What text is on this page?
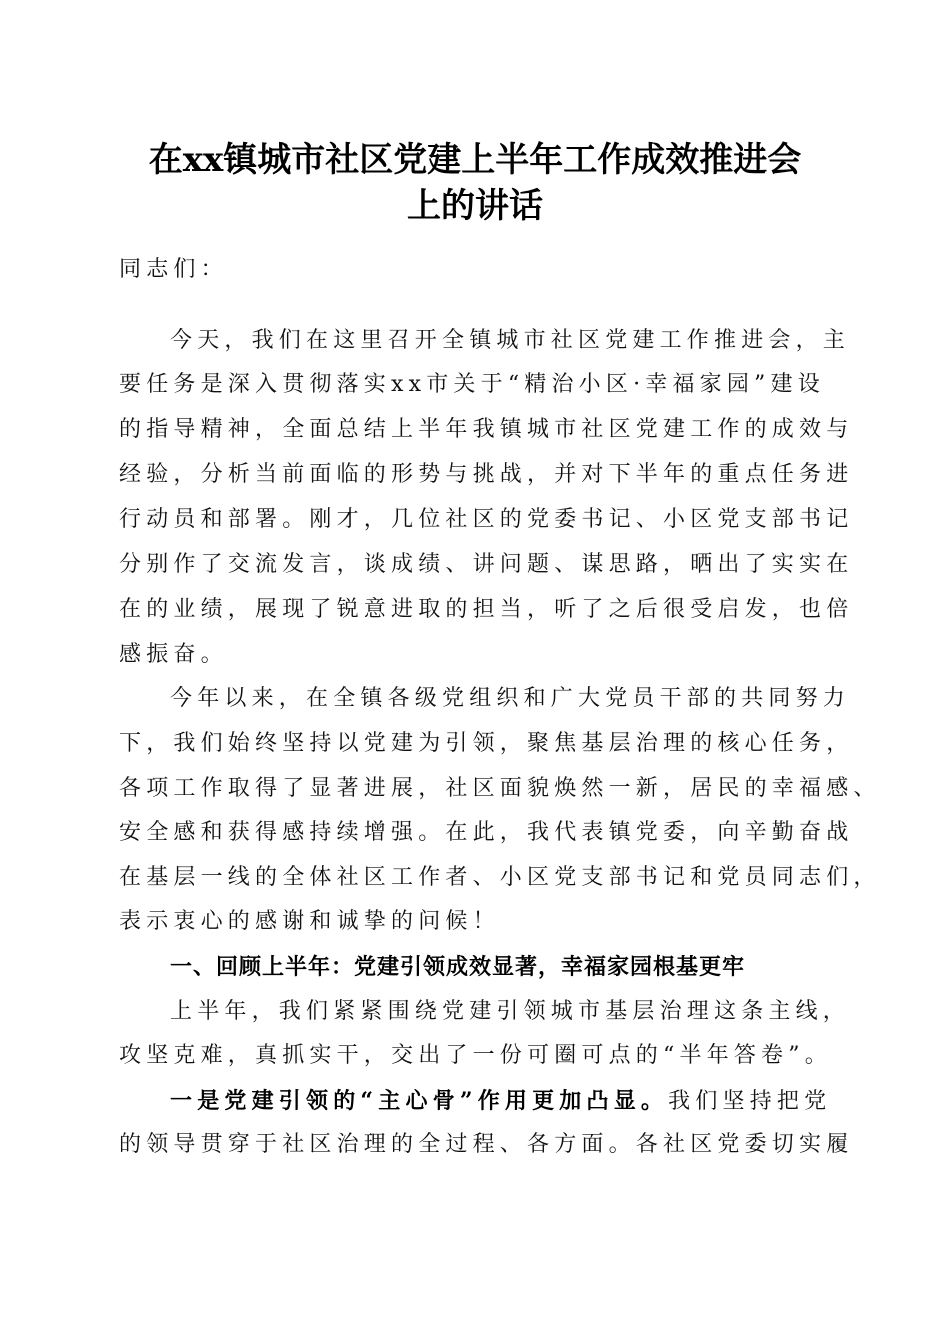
在xx镇城市社区党建上半年工作成效推进会
上的讲话
同志们：
今天，我们在这里召开全镇城市社区党建工作推进会，主
要任务是深入贯彻落实xx市关于“精治小区·幸福家园”建设
的指导精神，全面总结上半年我镇城市社区党建工作的成效与
经验，分析当前面临的形势与挑战，并对下半年的重点任务进
行动员和部署。刚才，几位社区的党委书记、小区党支部书记
分别作了交流发言，谈成绩、讲问题、谋思路，晒出了实实在
在的业绩，展现了锐意进取的担当，听了之后很受启发，也倍
感振奋。
今年以来，在全镇各级党组织和广大党员干部的共同努力
下，我们始终坚持以党建为引领，聚焦基层治理的核心任务，
各项工作取得了显著进展，社区面貌焕然一新，居民的幸福感、
安全感和获得感持续增强。在此，我代表镇党委，向辛勤奋战
在基层一线的全体社区工作者、小区党支部书记和党员同志们，
表示衷心的感谢和诚挚的问候！
一、回顾上半年：党建引领成效显著，幸福家园根基更牢
上半年，我们紧紧围绕党建引领城市基层治理这条主线，
攻坚克难，真抓实干，交出了一份可圈可点的“半年答卷”。
一是党建引领的“主心骨”作用更加凸显。我们坚持把党
的领导贯穿于社区治理的全过程、各方面。各社区党委切实履
